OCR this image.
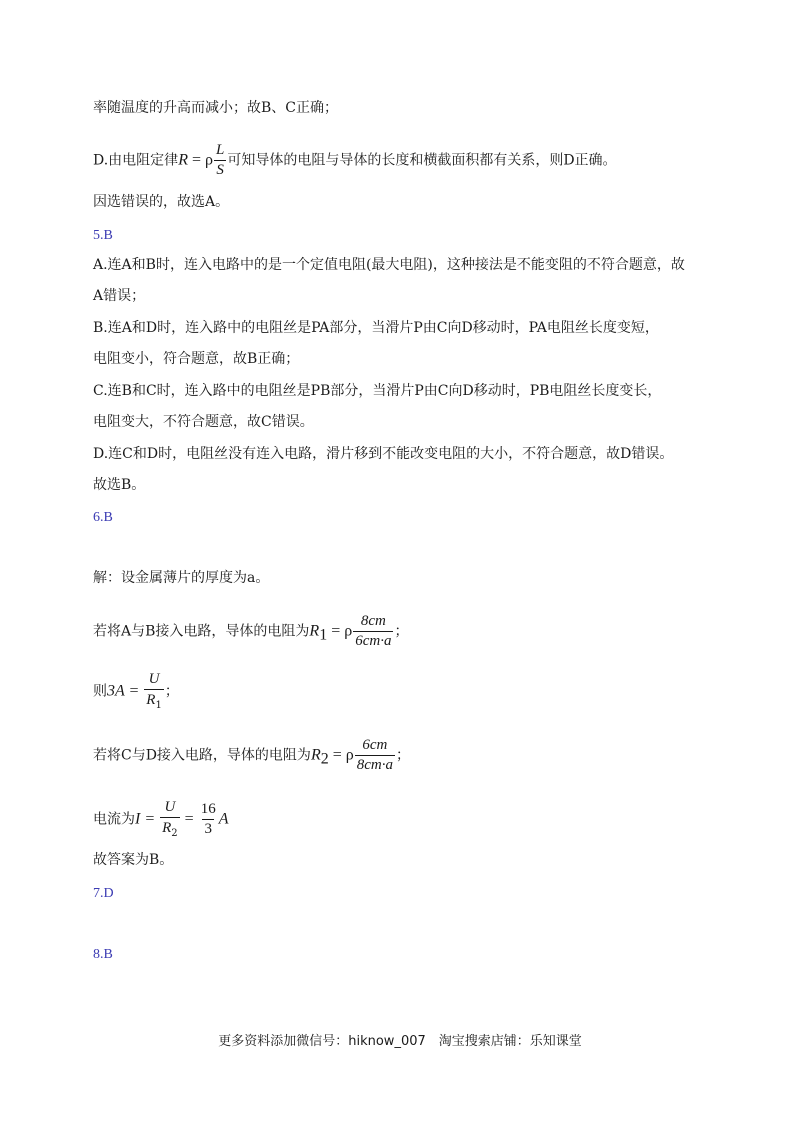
率随温度的升高而减小；故B、C正确；
D.由电阻定律R = ρ $\frac{L}{S}$ 可知导体的电阻与导体的长度和横截面积都有关系，则D正确。
因选错误的，故选A。
5.B
A.连A和B时，连入电路中的是一个定值电阻(最大电阻)，这种接法是不能变阻的不符合题意，故
A错误；
B.连A和D时，连入路中的电阻丝是PA部分，当滑片P由C向D移动时，PA电阻丝长度变短，
电阻变小，符合题意，故B正确；
C.连B和C时，连入路中的电阻丝是PB部分，当滑片P由C向D移动时，PB电阻丝长度变长，
电阻变大，不符合题意，故C错误。
D.连C和D时，电阻丝没有连入电路，滑片移到不能改变电阻的大小，不符合题意，故D错误。
故选B。
6.B
解：设金属薄片的厚度为a。
若将A与B接入电路，导体的电阻为$R_1 = \rho \frac{8cm}{6cm\cdot a}$ ；
则$3A = \frac{U}{R_1}$ ；
若将C与D接入电路，导体的电阻为$R_2 = \rho \frac{6cm}{8cm\cdot a}$ ；
电流为$I = \frac{U}{R_2} = \frac{16}{3}$ A
故答案为B。
7.D
8.B
更多资料添加微信号：hiknow_007　淘宝搜索店铺：乐知课堂
